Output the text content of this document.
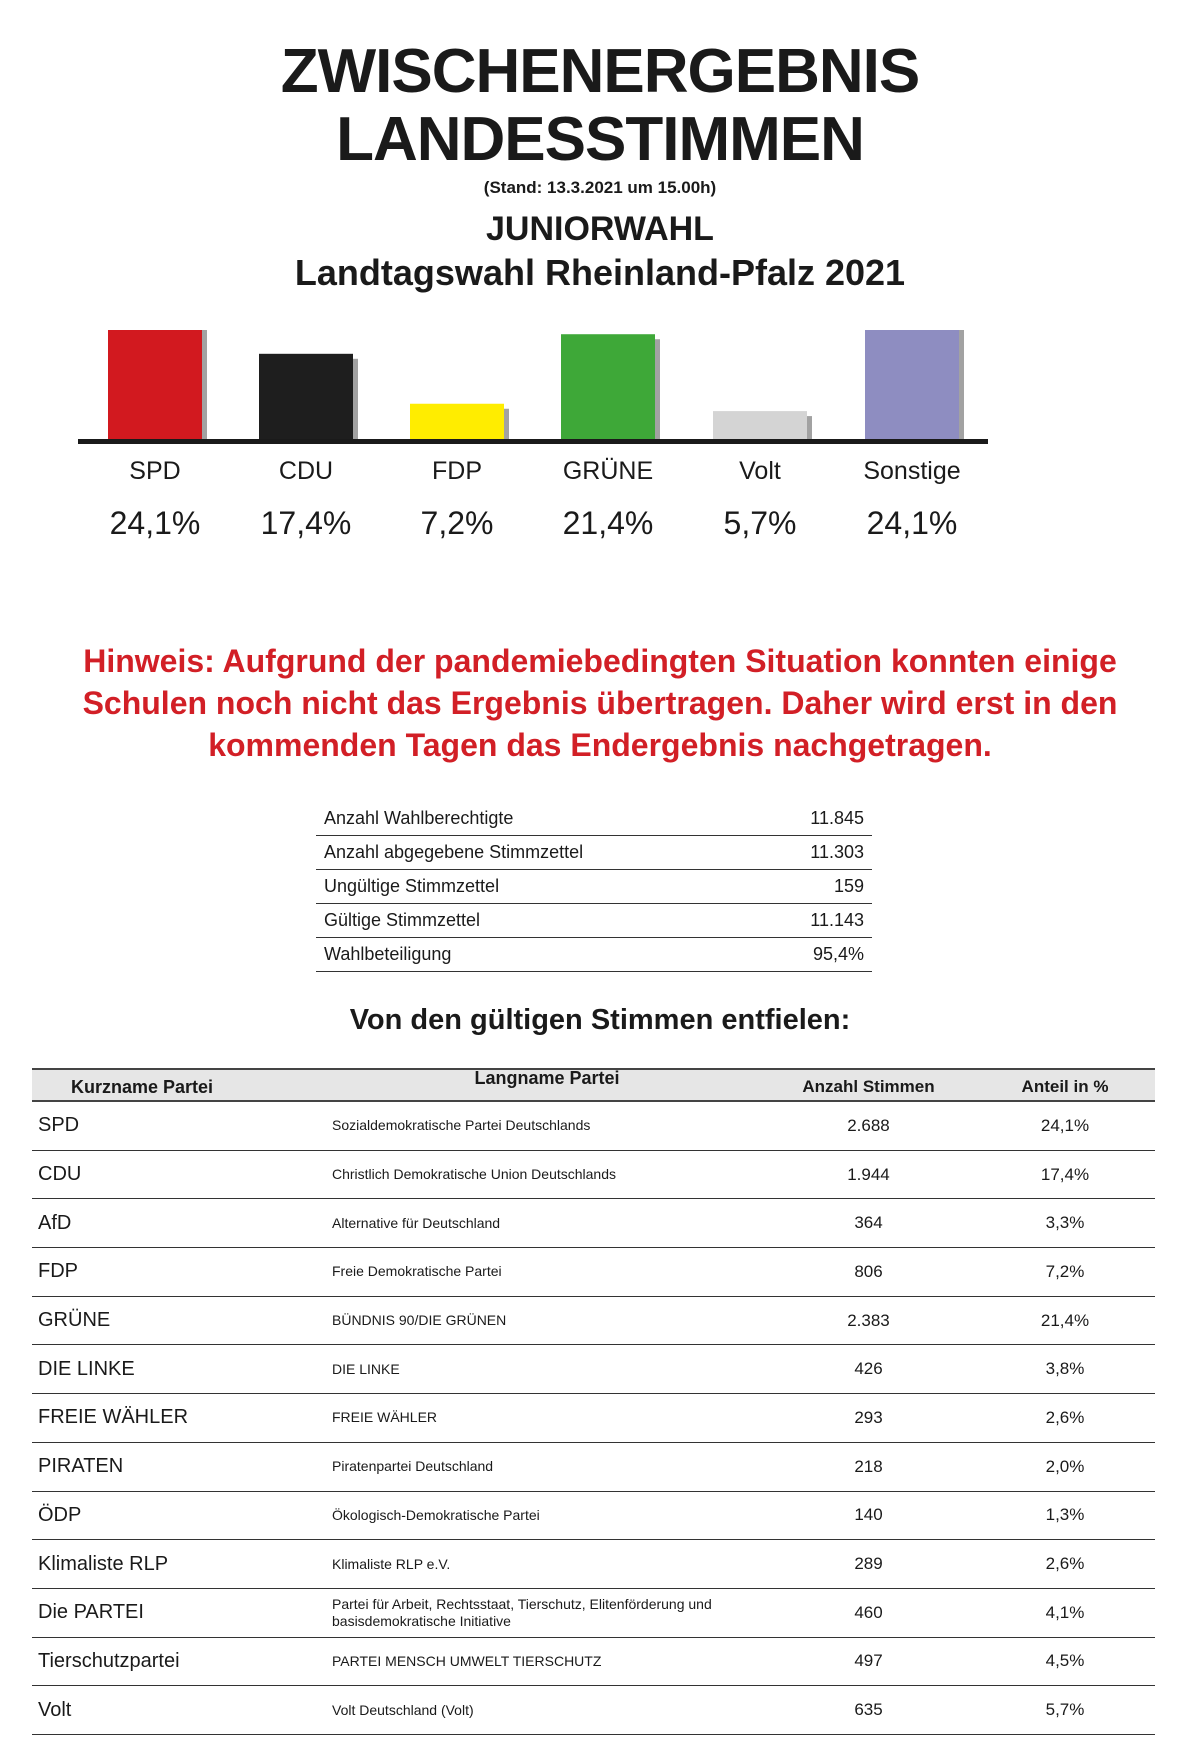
ZWISCHENERGEBNIS
LANDESSTIMMEN
(Stand: 13.3.2021 um 15.00h)
JUNIORWAHL
Landtagswahl Rheinland-Pfalz 2021
SPD
24,1%
CDU
17,4%
FDP
7,2%
GRÜNE
21,4%
Volt
5,7%
Sonstige
24,1%
Hinweis: Aufgrund der pandemiebedingten Situation konnten einige Schulen noch nicht das Ergebnis übertragen. Daher wird erst in den kommenden Tagen das Endergebnis nachgetragen.
Anzahl Wahlberechtigte	11.845
Anzahl abgegebene Stimmzettel	11.303
Ungültige Stimmzettel	159
Gültige Stimmzettel	11.143
Wahlbeteiligung	95,4%
Von den gültigen Stimmen entfielen:
Kurzname Partei	Langname Partei	Anzahl Stimmen	Anteil in %
SPD	Sozialdemokratische Partei Deutschlands	2.688	24,1%
CDU	Christlich Demokratische Union Deutschlands	1.944	17,4%
AfD	Alternative für Deutschland	364	3,3%
FDP	Freie Demokratische Partei	806	7,2%
GRÜNE	BÜNDNIS 90/DIE GRÜNEN	2.383	21,4%
DIE LINKE	DIE LINKE	426	3,8%
FREIE WÄHLER	FREIE WÄHLER	293	2,6%
PIRATEN	Piratenpartei Deutschland	218	2,0%
ÖDP	Ökologisch-Demokratische Partei	140	1,3%
Klimaliste RLP	Klimaliste RLP e.V.	289	2,6%
Die PARTEI	Partei für Arbeit, Rechtsstaat, Tierschutz, Elitenförderung und basisdemokratische Initiative	460	4,1%
Tierschutzpartei	PARTEI MENSCH UMWELT TIERSCHUTZ	497	4,5%
Volt	Volt Deutschland (Volt)	635	5,7%
